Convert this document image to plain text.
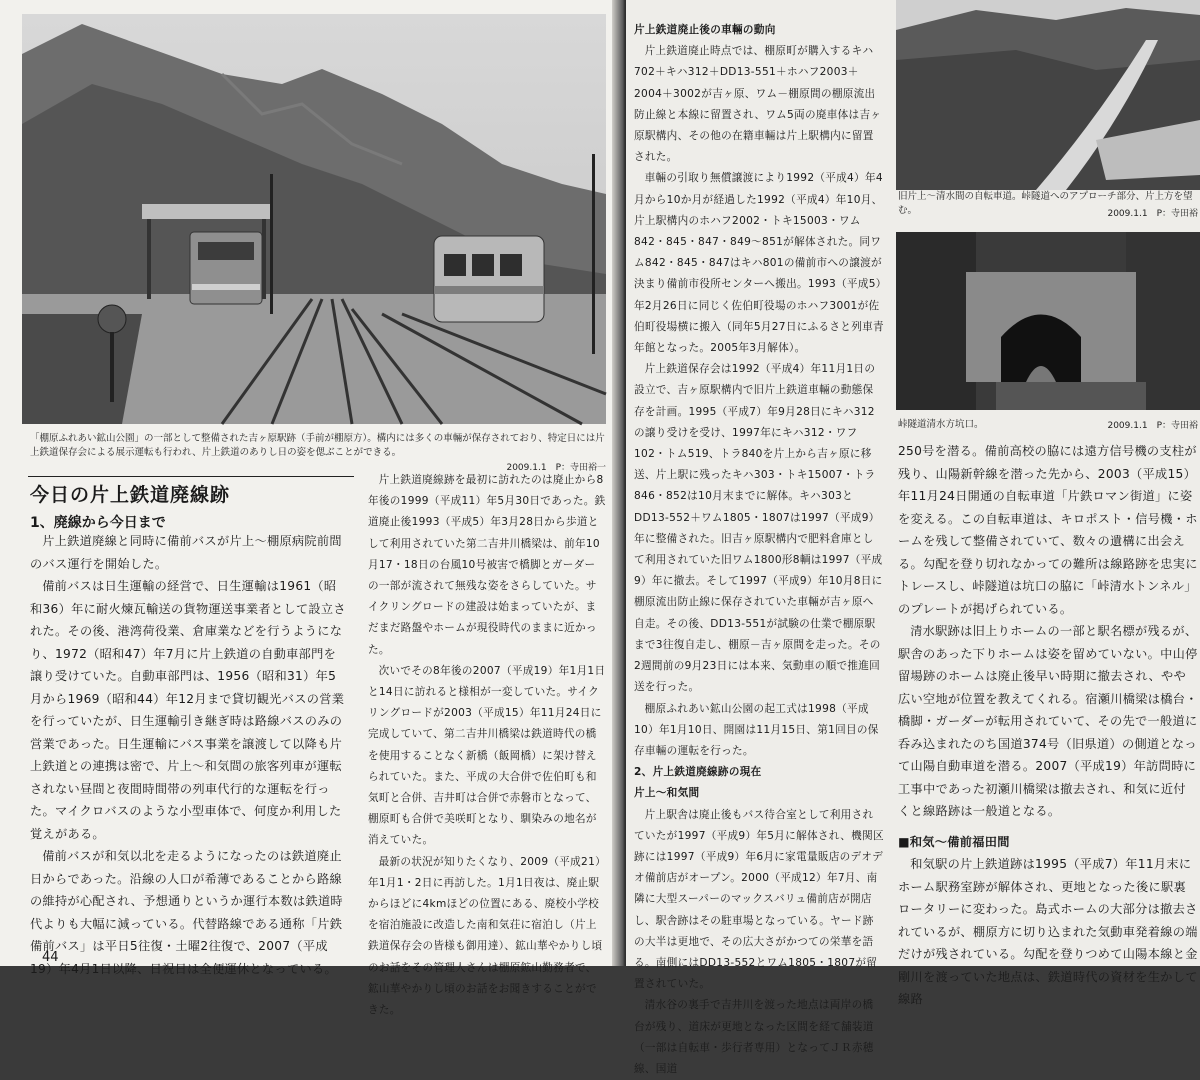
「棚原ふれあい鉱山公園」の一部として整備された吉ヶ原駅跡（手前が棚原方）。構内には多くの車輛が保存されており、特定日には片上鉄道保存会による展示運転も行われ、片上鉄道のありし日の姿を偲ぶことができる。
2009.1.1　P：寺田裕一
今日の片上鉄道廃線跡
1、廃線から今日まで

片上鉄道廃線と同時に備前バスが片上～棚原病院前間のバス運行を開始した。

備前バスは日生運輸の経営で、日生運輸は1961（昭和36）年に耐火煉瓦輸送の貨物運送事業者として設立された。その後、港湾荷役業、倉庫業などを行うようになり、1972（昭和47）年7月に片上鉄道の自動車部門を譲り受けていた。自動車部門は、1956（昭和31）年5月から1969（昭和44）年12月まで貸切観光バスの営業を行っていたが、日生運輸引き継ぎ時は路線バスのみの営業であった。日生運輸にバス事業を譲渡して以降も片上鉄道との連携は密で、片上～和気間の旅客列車が運転されない昼間と夜間時間帯の列車代行的な運転を行った。マイクロバスのような小型車体で、何度か利用した覚えがある。

備前バスが和気以北を走るようになったのは鉄道廃止日からであった。沿線の人口が希薄であることから路線の維持が心配され、予想通りというか運行本数は鉄道時代よりも大幅に減っている。代替路線である通称「片鉄備前バス」は平日5往復・土曜2往復で、2007（平成19）年4月1日以降、日祝日は全便運休となっている。

片上鉄道廃線跡を最初に訪れたのは廃止から8年後の1999（平成11）年5月30日であった。鉄道廃止後1993（平成5）年3月28日から歩道として利用されていた第二吉井川橋梁は、前年10月17・18日の台風10号被害で橋脚とガーダーの一部が流されて無残な姿をさらしていた。サイクリングロードの建設は始まっていたが、まだまだ路盤やホームが現役時代のままに近かった。

次いでその8年後の2007（平成19）年1月1日と14日に訪れると様相が一変していた。サイクリングロードが2003（平成15）年11月24日に完成していて、第二吉井川橋梁は鉄道時代の橋を使用することなく新橋（飯岡橋）に架け替えられていた。また、平成の大合併で佐伯町も和気町と合併、吉井町は合併で赤磐市となって、棚原町も合併で美咲町となり、馴染みの地名が消えていた。

最新の状況が知りたくなり、2009（平成21）年1月1・2日に再訪した。1月1日夜は、廃止駅からほどに4kmほどの位置にある、廃校小学校を宿泊施設に改造した南和気荘に宿泊し（片上鉄道保存会の皆様も御用達）、鉱山華やかりし頃のお話をその管理人さんは棚原鉱山勤務者で、鉱山華やかりし頃のお話をお聞きすることができた。

44

片上鉄道廃止後の車輛の動向

片上鉄道廃止時点では、棚原町が購入するキハ702＋キハ312＋DD13-551＋ホハフ2003＋2004＋3002が吉ヶ原、ワム－棚原間の棚原流出防止線と本線に留置され、ワム5両の廃車体は吉ヶ原駅構内、その他の在籍車輛は片上駅構内に留置された。

車輛の引取り無償譲渡により1992（平成4）年4月から10か月が経過した1992（平成4）年10月、片上駅構内のホハフ2002・トキ15003・ワム842・845・847・849～851が解体された。同ワム842・845・847はキハ801の備前市への譲渡が決まり備前市役所センターへ搬出。1993（平成5）年2月26日に同じく佐伯町役場のホハフ3001が佐伯町役場横に搬入（同年5月27日にふるさと列車青年館となった。2005年3月解体）。

片上鉄道保存会は1992（平成4）年11月1日の設立で、吉ヶ原駅構内で旧片上鉄道車輛の動態保存を計画。1995（平成7）年9月28日にキハ312の譲り受けを受け、1997年にキハ312・ワフ102・トム519、トラ840を片上から吉ヶ原に移送、片上駅に残ったキハ303・トキ15007・トラ846・852は10月末までに解体。キハ303とDD13-552＋ワム1805・1807は1997（平成9）年に整備された。旧吉ヶ原駅構内で肥料倉庫として利用されていた旧ワム1800形8輌は1997（平成9）年に撤去。そして1997（平成9）年10月8日に棚原流出防止線に保存されていた車輛が吉ヶ原へ自走。その後、DD13-551が試験の仕業で棚原駅まで3往復自走し、棚原－吉ヶ原間を走った。その2週間前の9月23日には本来、気動車の順で推進回送を行った。

棚原ふれあい鉱山公園の起工式は1998（平成10）年1月10日、開園は11月15日、第1回目の保存車輛の運転を行った。

2、片上鉄道廃線跡の現在

片上～和気間

片上駅舎は廃止後もバス待合室として利用されていたが1997（平成9）年5月に解体され、機関区跡には1997（平成9）年6月に家電量販店のデオデオ備前店がオープン。2000（平成12）年7月、南隣に大型スーパーのマックスバリュ備前店が開店し、駅舎跡はその駐車場となっている。ヤード跡の大半は更地で、その広大さがかつての栄華を語る。南側にはDD13-552とワム1805・1807が留置されていた。

清水谷の裏手で吉井川を渡った地点は両岸の橋台が残り、道床が更地となった区間を経て舗装道（一部は自転車・歩行者専用）となってＪＲ赤穂線、国道

旧片上～清水間の自転車道。峠隧道へのアプローチ部分、片上方を望む。	2009.1.1　P：寺田裕
峠隧道清水方坑口。	2009.1.1　P：寺田裕

250号を潜る。備前高校の脇には遠方信号機の支柱が残り、山陽新幹線を潜った先から、2003（平成15）年11月24日開通の自転車道「片鉄ロマン街道」に姿を変える。この自転車道は、キロポスト・信号機・ホームを残して整備されていて、数々の遺構に出会える。勾配を登り切れなかっての難所は線路跡を忠実にトレースし、峠隧道は坑口の脇に「峠清水トンネル」のプレートが掲げられている。

清水駅跡は旧上りホームの一部と駅名標が残るが、駅舎のあった下りホームは姿を留めていない。中山停留場跡のホームは廃止後早い時期に撤去され、やや広い空地が位置を教えてくれる。宿瀬川橋梁は橋台・橋脚・ガーダーが転用されていて、その先で一般道に呑み込まれたのち国道374号（旧県道）の側道となって山陽自動車道を潜る。2007（平成19）年訪問時に工事中であった初瀬川橋梁は撤去され、和気に近付くと線路跡は一般道となる。

■和気～備前福田間

和気駅の片上鉄道跡は1995（平成7）年11月末にホーム駅務室跡が解体され、更地となった後に駅裏ロータリーに変わった。島式ホームの大部分は撤去されているが、棚原方に切り込まれた気動車発着線の端だけが残されている。勾配を登りつめて山陽本線と金剛川を渡っていた地点は、鉄道時代の資材を生かして線路
